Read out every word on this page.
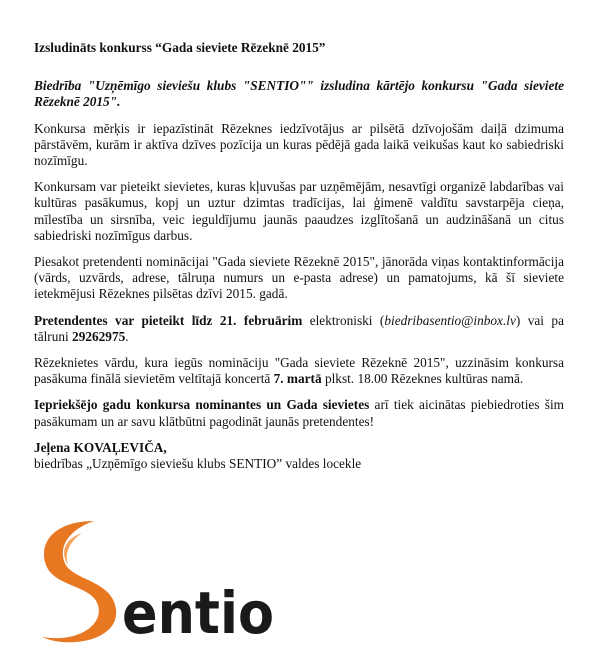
Izsludināts konkurss “Gada sieviete Rēzeknē 2015”

Biedrība "Uzņēmīgo sieviešu klubs "SENTIO"" izsludina kārtējo konkursu "Gada sieviete Rēzeknē 2015".

Konkursa mērķis ir iepazīstināt Rēzeknes iedzīvotājus ar pilsētā dzīvojošām daiļā dzimuma pārstāvēm, kurām ir aktīva dzīves pozīcija un kuras pēdējā gada laikā veikušas kaut ko sabiedriski nozīmīgu.

Konkursam var pieteikt sievietes, kuras kļuvušas par uzņēmējām, nesavtīgi organizē labdarības vai kultūras pasākumus, kopj un uztur dzimtas tradīcijas, lai ģimenē valdītu savstarpēja cieņa, mīlestība un sirsnība, veic ieguldījumu jaunās paaudzes izglītošanā un audzināšanā un citus sabiedriski nozīmīgus darbus.

Piesakot pretendenti nominācijai "Gada sieviete Rēzeknē 2015", jānorāda viņas kontaktinformācija (vārds, uzvārds, adrese, tālruņa numurs un e-pasta adrese) un pamatojums, kā šī sieviete ietekmējusi Rēzeknes pilsētas dzīvi 2015. gadā.

Pretendentes var pieteikt līdz 21. februārim elektroniski (biedribasentio@inbox.lv) vai pa tālruni 29262975.

Rēzeknietes vārdu, kura iegūs nomināciju "Gada sieviete Rēzeknē 2015", uzzināsim konkursa pasākuma finālā sievietēm veltītajā koncertā 7. martā plkst. 18.00 Rēzeknes kultūras namā.

Iepriekšējo gadu konkursa nominantes un Gada sievietes arī tiek aicinātas piebiedroties šim pasākumam un ar savu klātbūtni pagodināt jaunās pretendentes!

Jeļena KOVAĻEVIČA,

biedrības „Uzņēmīgo sieviešu klubs SENTIO” valdes locekle

entio
